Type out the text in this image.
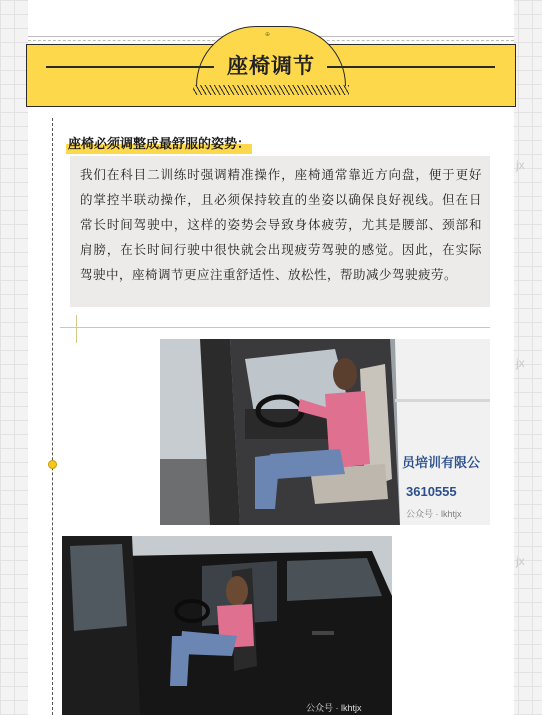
jx
jx
jx
⊕
座椅调节
座椅必须调整成最舒服的姿势：

我们在科目二训练时强调精准操作，座椅通常靠近方向盘，便于更好的掌控半联动操作，且必须保持较直的坐姿以确保良好视线。但在日常长时间驾驶中，这样的姿势会导致身体疲劳，尤其是腰部、颈部和肩膀，在长时间行驶中很快就会出现疲劳驾驶的感觉。因此，在实际驾驶中，座椅调节更应注重舒适性、放松性，帮助减少驾驶疲劳。

员培训有限公
3610555
公众号 · lkhtjx
公众号 · lkhtjx
